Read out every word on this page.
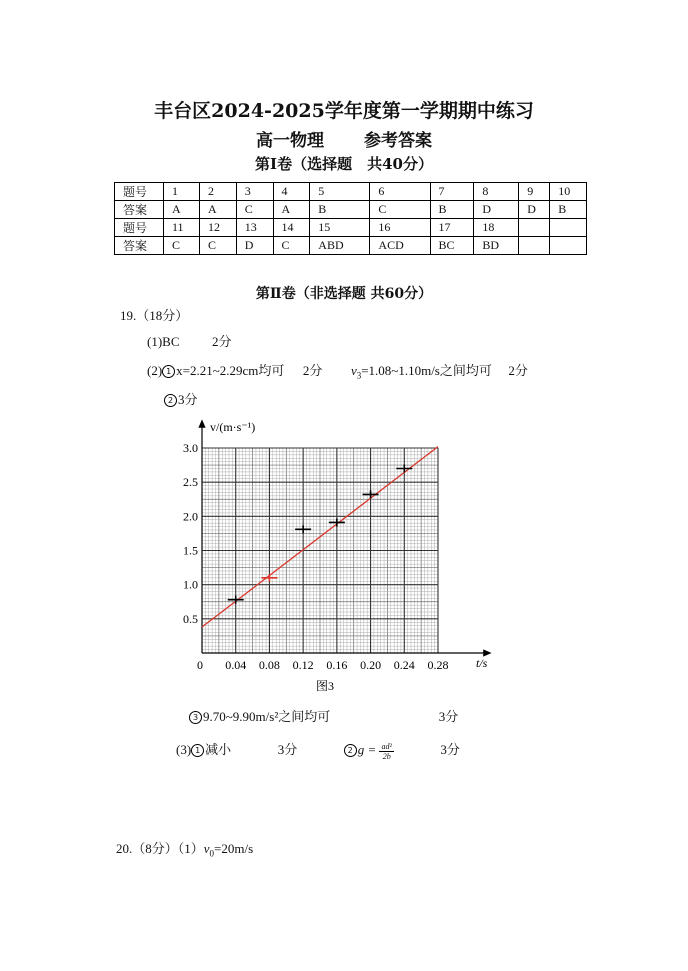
丰台区2024-2025学年度第一学期期中练习
高一物理 参考答案
第Ⅰ卷（选择题　共40分）
题号	1	2	3	4	5	6	7	8	9	10
答案	A	A	C	A	B	C	B	D	D	B
题号	11	12	13	14	15	16	17	18		
答案	C	C	D	C	ABD	ACD	BC	BD		
第Ⅱ卷（非选择题 共60分）
19.（18分）
(1)BC	2分
(2) 1 x=2.21~2.29cm均可 2分 $v_3=1.08\sim 1.10m/s$之间均可 2分
2 3分
0 0.04 0.08 0.12 0.16 0.20 0.24 0.28
0.5
1.0
1.5
2.0
2.5
3.0
v/(m·s⁻¹)
t/s
图3
3 9.70~9.90m/s²之间均可	3分
(3) 1 减小	3分	2 $g = \frac{\text{ad²}}{2b}$	3分
20.（8分）$(1)v_0=20m/s$
